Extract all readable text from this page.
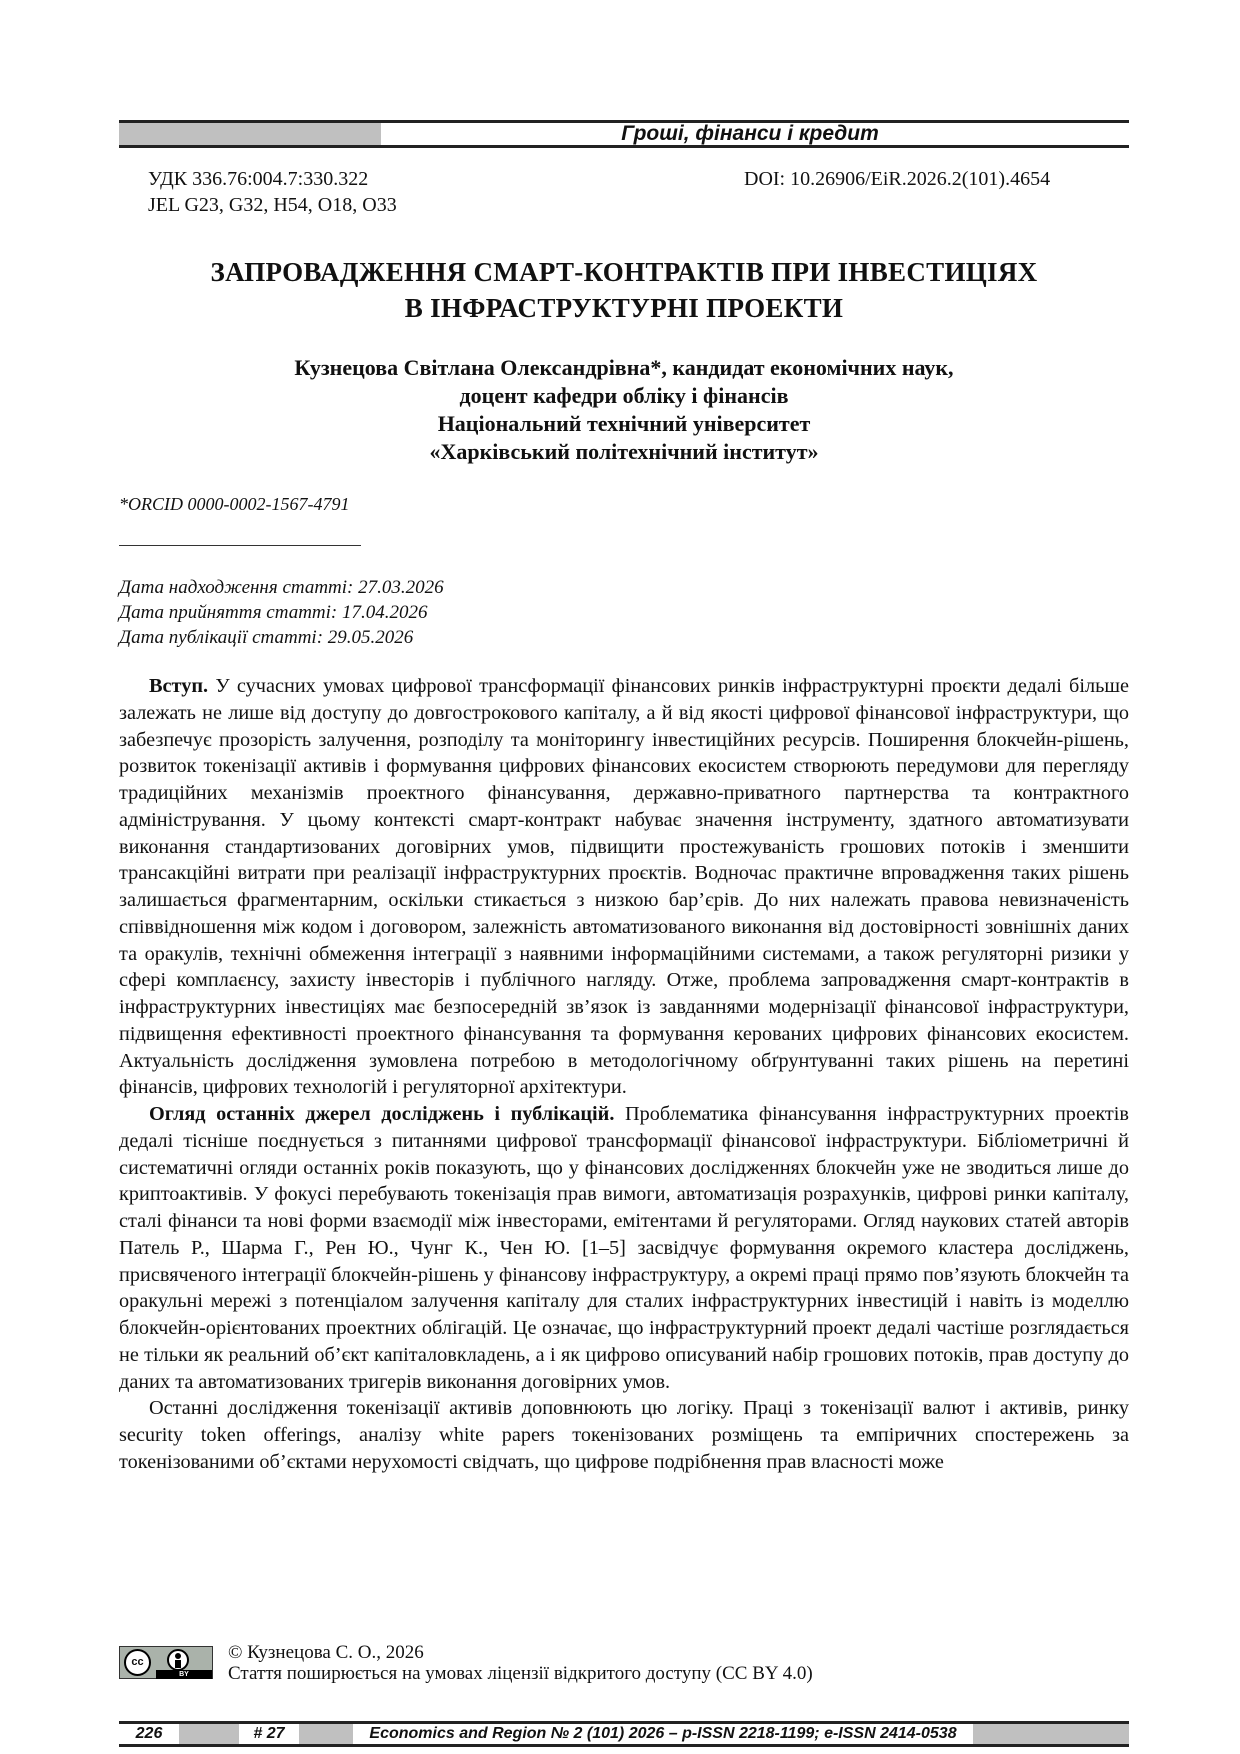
Гроші, фінанси і кредит
УДК 336.76:004.7:330.322
JEL G23, G32, H54, O18, O33
DOI: 10.26906/EiR.2026.2(101).4654
ЗАПРОВАДЖЕННЯ СМАРТ-КОНТРАКТІВ ПРИ ІНВЕСТИЦІЯХ
В ІНФРАСТРУКТУРНІ ПРОЕКТИ
Кузнецова Світлана Олександрівна*, кандидат економічних наук,
доцент кафедри обліку і фінансів
Національний технічний університет
«Харківський політехнічний інститут»
*ORCID 0000-0002-1567-4791
Дата надходження статті: 27.03.2026
Дата прийняття статті: 17.04.2026
Дата публікації статті: 29.05.2026

Вступ. У сучасних умовах цифрової трансформації фінансових ринків інфраструктурні проєкти дедалі більше залежать не лише від доступу до довгострокового капіталу, а й від якості цифрової фінансової інфраструктури, що забезпечує прозорість залучення, розподілу та моніторингу інвестиційних ресурсів. Поширення блокчейн-рішень, розвиток токенізації активів і формування цифрових фінансових екосистем створюють передумови для перегляду традиційних механізмів проектного фінансування, державно-приватного партнерства та контрактного адміністрування. У цьому контексті смарт-контракт набуває значення інструменту, здатного автоматизувати виконання стандартизованих договірних умов, підвищити простежуваність грошових потоків і зменшити трансакційні витрати при реалізації інфраструктурних проєктів. Водночас практичне впровадження таких рішень залишається фрагментарним, оскільки стикається з низкою бар’єрів. До них належать правова невизначеність співвідношення між кодом і договором, залежність автоматизованого виконання від достовірності зовнішніх даних та оракулів, технічні обмеження інтеграції з наявними інформаційними системами, а також регуляторні ризики у сфері комплаєнсу, захисту інвесторів і публічного нагляду. Отже, проблема запровадження смарт-контрактів в інфраструктурних інвестиціях має безпосередній зв’язок із завданнями модернізації фінансової інфраструктури, підвищення ефективності проектного фінансування та формування керованих цифрових фінансових екосистем. Актуальність дослідження зумовлена потребою в методологічному обґрунтуванні таких рішень на перетині фінансів, цифрових технологій і регуляторної архітектури.

Огляд останніх джерел досліджень і публікацій. Проблематика фінансування інфраструктурних проектів дедалі тісніше поєднується з питаннями цифрової трансформації фінансової інфраструктури. Бібліометричні й систематичні огляди останніх років показують, що у фінансових дослідженнях блокчейн уже не зводиться лише до криптоактивів. У фокусі перебувають токенізація прав вимоги, автоматизація розрахунків, цифрові ринки капіталу, сталі фінанси та нові форми взаємодії між інвесторами, емітентами й регуляторами. Огляд наукових статей авторів Патель Р., Шарма Г., Рен Ю., Чунг К., Чен Ю. [1–5] засвідчує формування окремого кластера досліджень, присвяченого інтеграції блокчейн-рішень у фінансову інфраструктуру, а окремі праці прямо пов’язують блокчейн та оракульні мережі з потенціалом залучення капіталу для сталих інфраструктурних інвестицій і навіть із моделлю блокчейн-орієнтованих проектних облігацій. Це означає, що інфраструктурний проект дедалі частіше розглядається не тільки як реальний об’єкт капіталовкладень, а і як цифрово описуваний набір грошових потоків, прав доступу до даних та автоматизованих тригерів виконання договірних умов.

Останні дослідження токенізації активів доповнюють цю логіку. Праці з токенізації валют і активів, ринку security token offerings, аналізу white papers токенізованих розміщень та емпіричних спостережень за токенізованими об’єктами нерухомості свідчать, що цифрове подрібнення прав власності може

cc
BY
© Кузнецова С. О., 2026
Стаття поширюється на умовах ліцензії відкритого доступу (CC BY 4.0)
226	# 27	Economics and Region № 2 (101) 2026 – p-ISSN 2218-1199; e-ISSN 2414-0538
